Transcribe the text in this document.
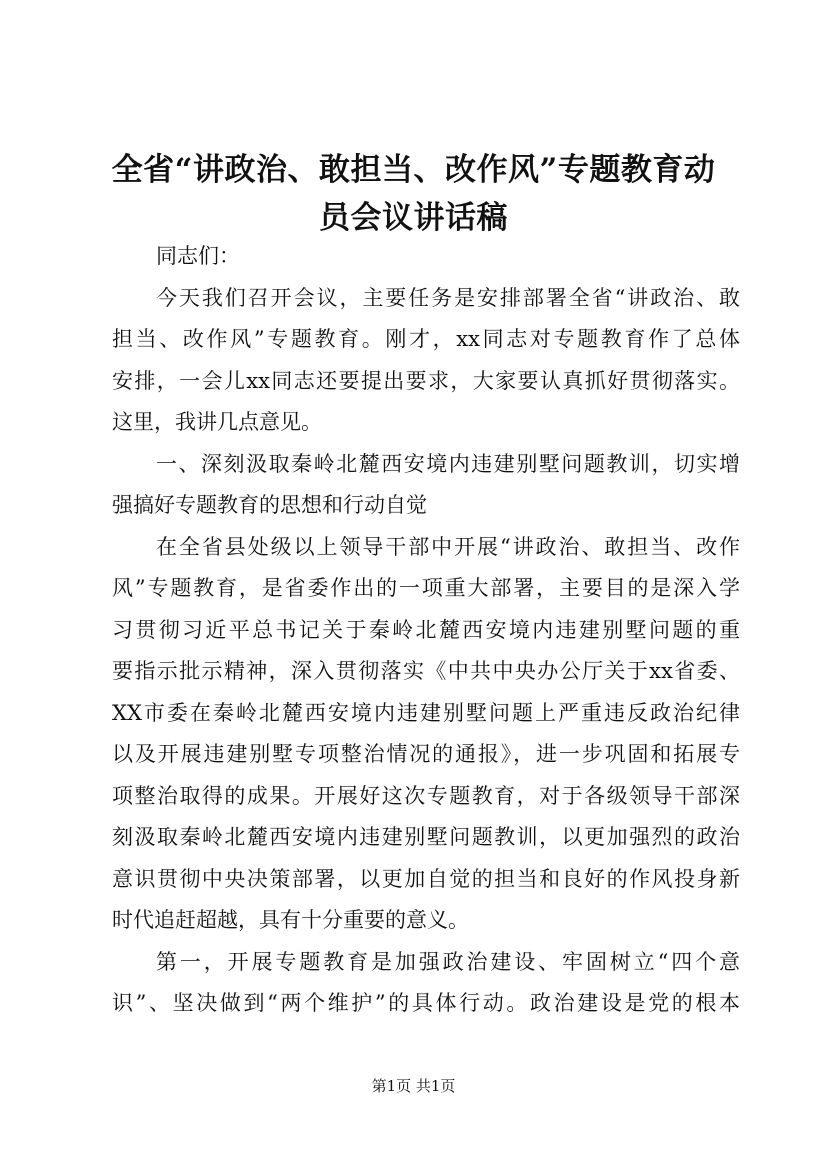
全省“讲政治、敢担当、改作风”专题教育动
员会议讲话稿
同志们：
今天我们召开会议，主要任务是安排部署全省“讲政治、敢
担当、改作风”专题教育。刚才，xx同志对专题教育作了总体
安排，一会儿xx同志还要提出要求，大家要认真抓好贯彻落实。
这里，我讲几点意见。
一、深刻汲取秦岭北麓西安境内违建别墅问题教训，切实增
强搞好专题教育的思想和行动自觉
在全省县处级以上领导干部中开展“讲政治、敢担当、改作
风”专题教育，是省委作出的一项重大部署，主要目的是深入学
习贯彻习近平总书记关于秦岭北麓西安境内违建别墅问题的重
要指示批示精神，深入贯彻落实《中共中央办公厅关于xx省委、
XX市委在秦岭北麓西安境内违建别墅问题上严重违反政治纪律
以及开展违建别墅专项整治情况的通报》，进一步巩固和拓展专
项整治取得的成果。开展好这次专题教育，对于各级领导干部深
刻汲取秦岭北麓西安境内违建别墅问题教训，以更加强烈的政治
意识贯彻中央决策部署，以更加自觉的担当和良好的作风投身新
时代追赶超越，具有十分重要的意义。
第一，开展专题教育是加强政治建设、牢固树立“四个意
识”、坚决做到“两个维护”的具体行动。政治建设是党的根本
第1页 共1页
